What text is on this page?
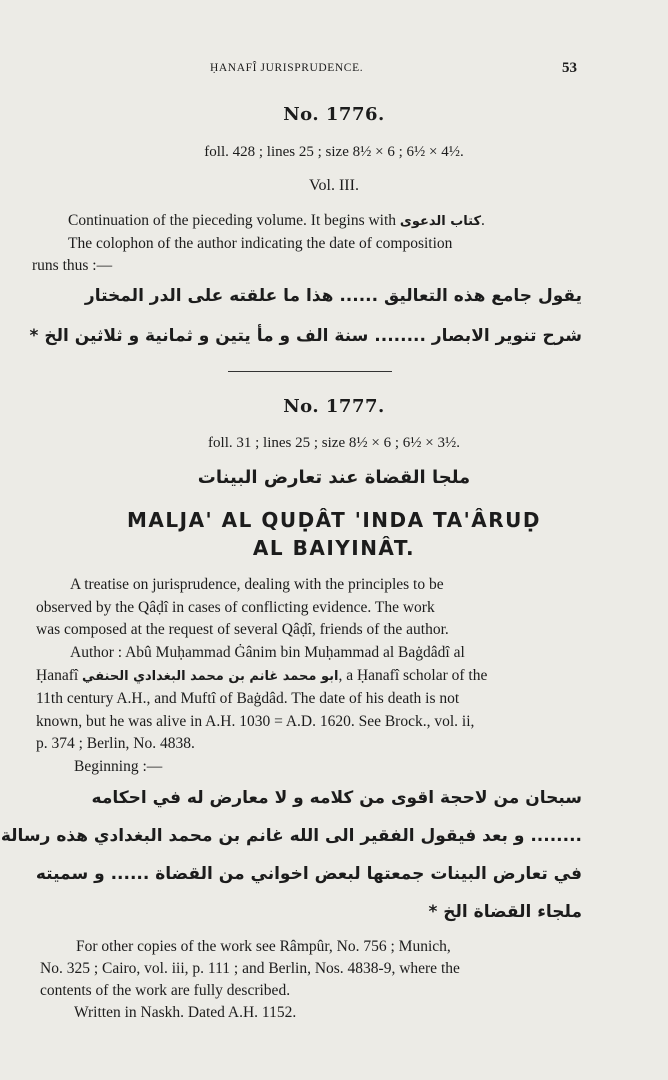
ḤANAFÎ JURISPRUDENCE.	53
No. 1776.
foll. 428 ; lines 25 ; size 8½ × 6 ; 6½ × 4½.
Vol. III.
Continuation of the pieceding volume. It begins with كتاب الدعوى.
The colophon of the author indicating the date of composition
runs thus :—
يقول جامع هذه التعاليق ...... هذا ما علقته على الدر المختار
شرح تنوير الابصار ........ سنة الف و مأ يتين و ثمانية و ثلاثين الخ *
No. 1777.
foll. 31 ; lines 25 ; size 8½ × 6 ; 6½ × 3½.
ملجا القضاة عند تعارض البينات
MALJA' AL QUḌÂT 'INDA TA'ÂRUḌ
AL BAIYINÂT.
A treatise on jurisprudence, dealing with the principles to be
observed by the Qâḍî in cases of conflicting evidence. The work
was composed at the request of several Qâḍî, friends of the author.
Author : Abû Muḥammad Ġânim bin Muḥammad al Baġdâdî al
Ḥanafî ابو محمد غانم بن محمد البغدادي الحنفي, a Ḥanafî scholar of the
11th century A.H., and Muftî of Baġdâd. The date of his death is not
known, but he was alive in A.H. 1030 = A.D. 1620. See Brock., vol. ii,
p. 374 ; Berlin, No. 4838.
Beginning :—
سبحان من لاحجة اقوى من كلامه و لا معارض له في احكامه
........ و بعد فيقول الفقير الى الله غانم بن محمد البغدادي هذه رسالة
في تعارض البينات جمعتها لبعض اخواني من القضاة ...... و سميته
ملجاء القضاة الخ *
For other copies of the work see Râmpûr, No. 756 ; Munich,
No. 325 ; Cairo, vol. iii, p. 111 ; and Berlin, Nos. 4838-9, where the
contents of the work are fully described.
Written in Naskh. Dated A.H. 1152.
